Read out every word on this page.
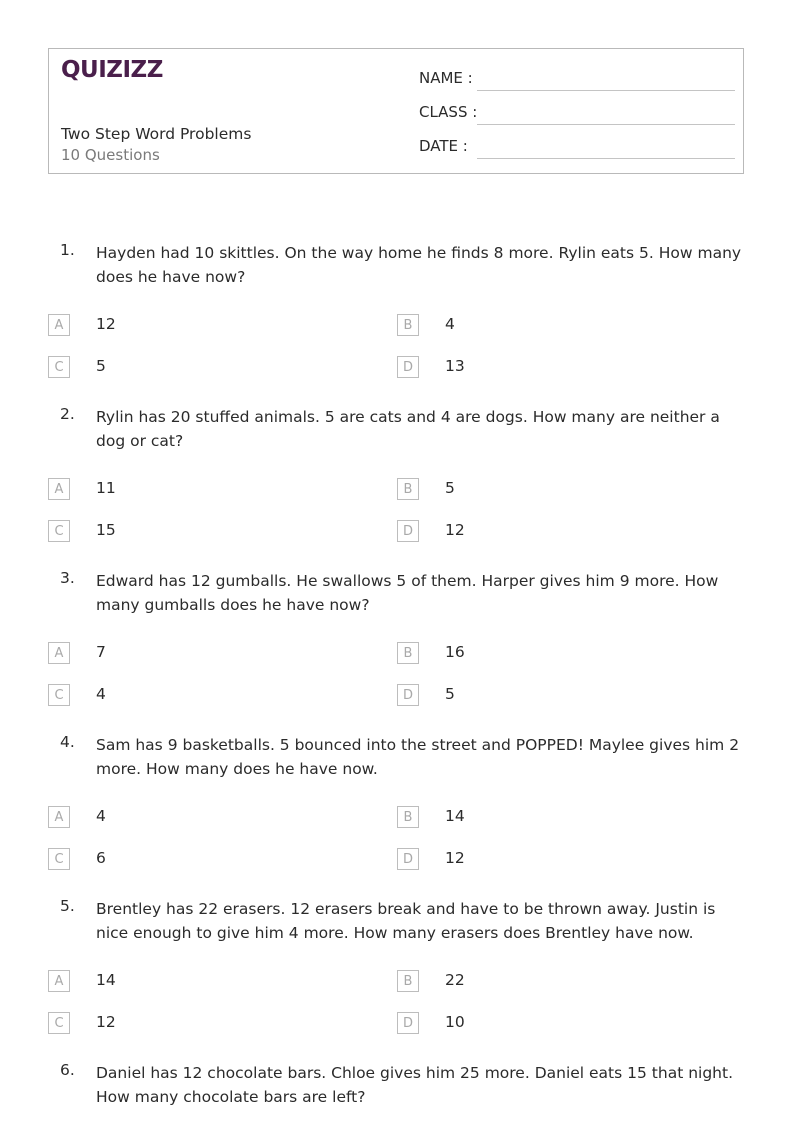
QUIZIZZ
Two Step Word Problems
10 Questions
NAME :
CLASS :
DATE :
1. Hayden had 10 skittles. On the way home he finds 8 more. Rylin eats 5. How many does he have now?
A	12	B	4
C	5	D	13
2. Rylin has 20 stuffed animals. 5 are cats and 4 are dogs. How many are neither a dog or cat?
A	11	B	5
C	15	D	12
3. Edward has 12 gumballs. He swallows 5 of them. Harper gives him 9 more. How many gumballs does he have now?
A	7	B	16
C	4	D	5
4. Sam has 9 basketballs. 5 bounced into the street and POPPED! Maylee gives him 2 more. How many does he have now.
A	4	B	14
C	6	D	12
5. Brentley has 22 erasers. 12 erasers break and have to be thrown away. Justin is nice enough to give him 4 more. How many erasers does Brentley have now.
A	14	B	22
C	12	D	10
6. Daniel has 12 chocolate bars. Chloe gives him 25 more. Daniel eats 15 that night. How many chocolate bars are left?
